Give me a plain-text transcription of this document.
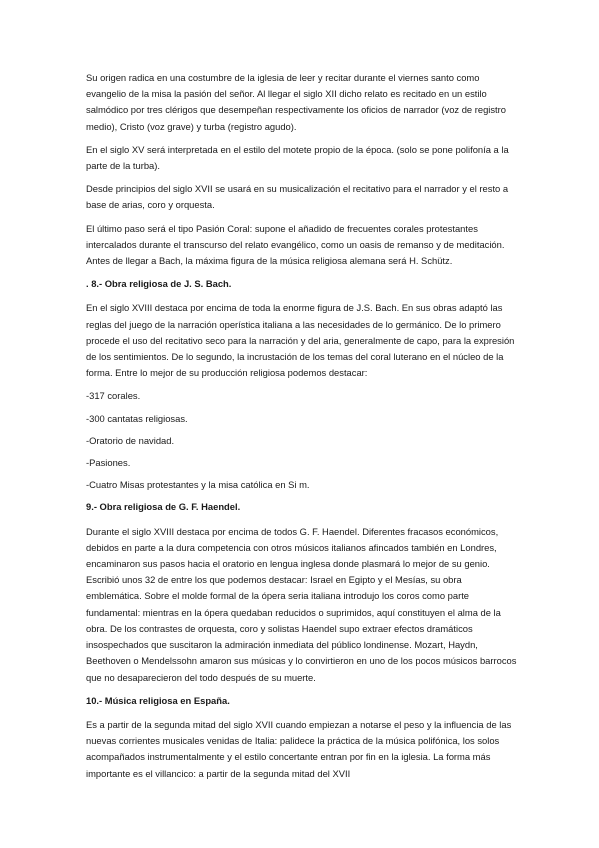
Su origen radica en una costumbre de la iglesia de leer y recitar durante el viernes santo como evangelio de la misa la pasión del señor. Al llegar el siglo XII dicho relato es recitado en un estilo salmódico por tres clérigos que desempeñan respectivamente los oficios de narrador (voz de registro medio), Cristo (voz grave) y turba (registro agudo).

En el siglo XV será interpretada en el estilo del motete propio de la época. (solo se pone polifonía a la parte de la turba).

Desde principios del siglo XVII se usará en su musicalización el recitativo para el narrador y el resto a base de arias, coro y orquesta.

El último paso será el tipo Pasión Coral: supone el añadido de frecuentes corales protestantes intercalados durante el transcurso del relato evangélico, como un oasis de remanso y de meditación. Antes de llegar a Bach, la máxima figura de la música religiosa alemana será H. Schütz.

. 8.- Obra religiosa de J. S. Bach.

En el siglo XVIII destaca por encima de toda la enorme figura de J.S. Bach. En sus obras adaptó las reglas del juego de la narración operística italiana a las necesidades de lo germánico. De lo primero procede el uso del recitativo seco para la narración y del aria, generalmente de capo, para la expresión de los sentimientos. De lo segundo, la incrustación de los temas del coral luterano en el núcleo de la forma. Entre lo mejor de su producción religiosa podemos destacar:

-317 corales.

-300 cantatas religiosas.

-Oratorio de navidad.

-Pasiones.

-Cuatro Misas protestantes y la misa católica en Si m.

9.- Obra religiosa de G. F. Haendel.

Durante el siglo XVIII destaca por encima de todos G. F. Haendel. Diferentes fracasos económicos, debidos en parte a la dura competencia con otros músicos italianos afincados también en Londres, encaminaron sus pasos hacia el oratorio en lengua inglesa donde plasmará lo mejor de su genio. Escribió unos 32 de entre los que podemos destacar: Israel en Egipto y el Mesías, su obra emblemática. Sobre el molde formal de la ópera seria italiana introdujo los coros como parte fundamental: mientras en la ópera quedaban reducidos o suprimidos, aquí constituyen el alma de la obra. De los contrastes de orquesta, coro y solistas Haendel supo extraer efectos dramáticos insospechados que suscitaron la admiración inmediata del público londinense. Mozart, Haydn, Beethoven o Mendelssohn amaron sus músicas y lo convirtieron en uno de los pocos músicos barrocos que no desaparecieron del todo después de su muerte.

10.- Música religiosa en España.

Es a partir de la segunda mitad del siglo XVII cuando empiezan a notarse el peso y la influencia de las nuevas corrientes musicales venidas de Italia: palidece la práctica de la música polifónica, los solos acompañados instrumentalmente y el estilo concertante entran por fin en la iglesia. La forma más importante es el villancico: a partir de la segunda mitad del XVII
